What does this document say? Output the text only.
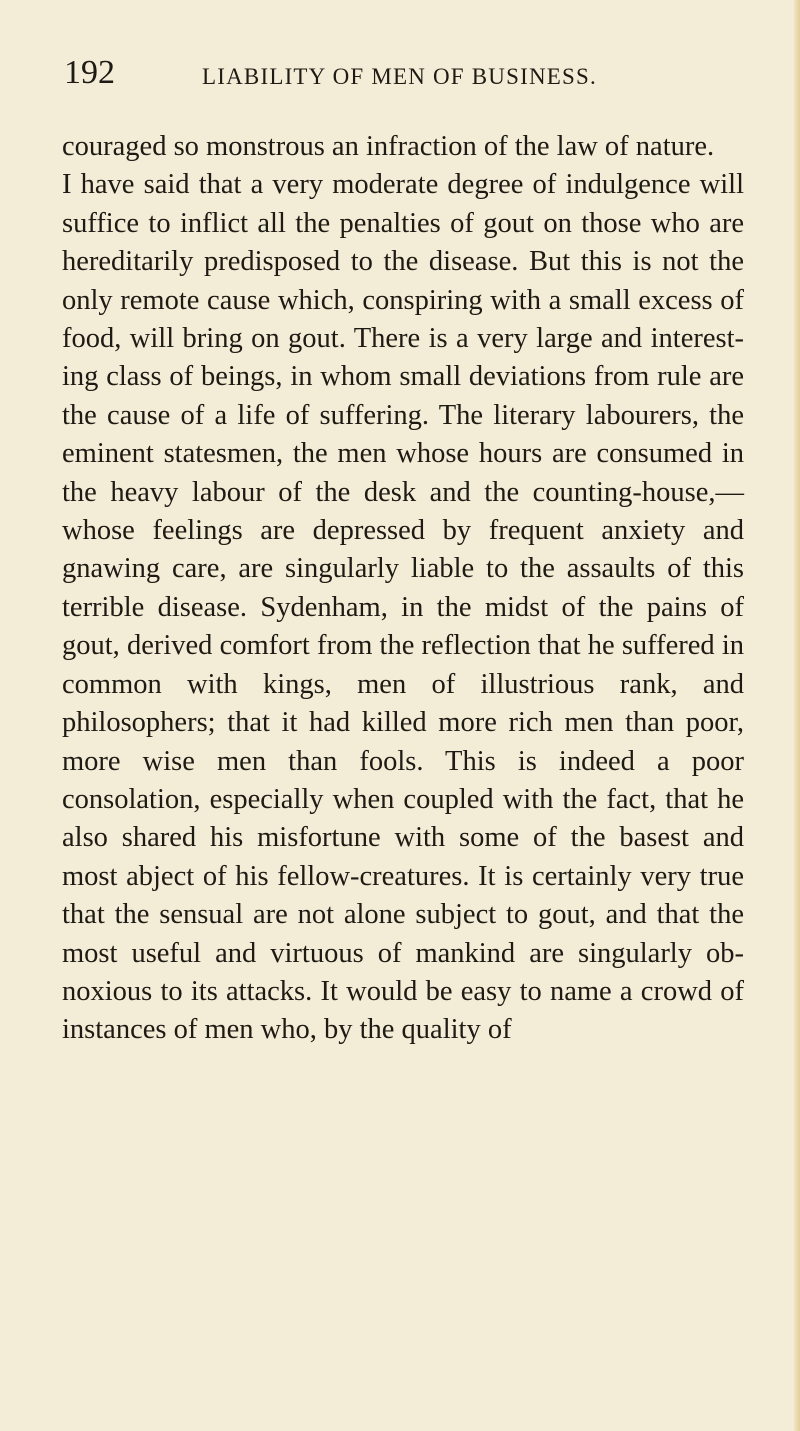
192	LIABILITY OF MEN OF BUSINESS.

couraged so monstrous an infraction of the law of nature.

I have said that a very moderate degree of indulgence will suffice to inflict all the penalties of gout on those who are hereditarily predisposed to the disease. But this is not the only remote cause which, conspiring with a small excess of food, will bring on gout. There is a very large and interesting class of beings, in whom small deviations from rule are the cause of a life of suffering. The literary labourers, the eminent statesmen, the men whose hours are consumed in the heavy labour of the desk and the counting-house,—whose feelings are depressed by frequent anxiety and gnawing care, are singularly liable to the assaults of this terrible disease. Sydenham, in the midst of the pains of gout, derived comfort from the reflection that he suffered in common with kings, men of illustrious rank, and philosophers; that it had killed more rich men than poor, more wise men than fools. This is indeed a poor consolation, especially when coupled with the fact, that he also shared his misfortune with some of the basest and most abject of his fellow-creatures. It is certainly very true that the sensual are not alone subject to gout, and that the most useful and virtuous of mankind are singularly obnoxious to its attacks. It would be easy to name a crowd of instances of men who, by the quality of
